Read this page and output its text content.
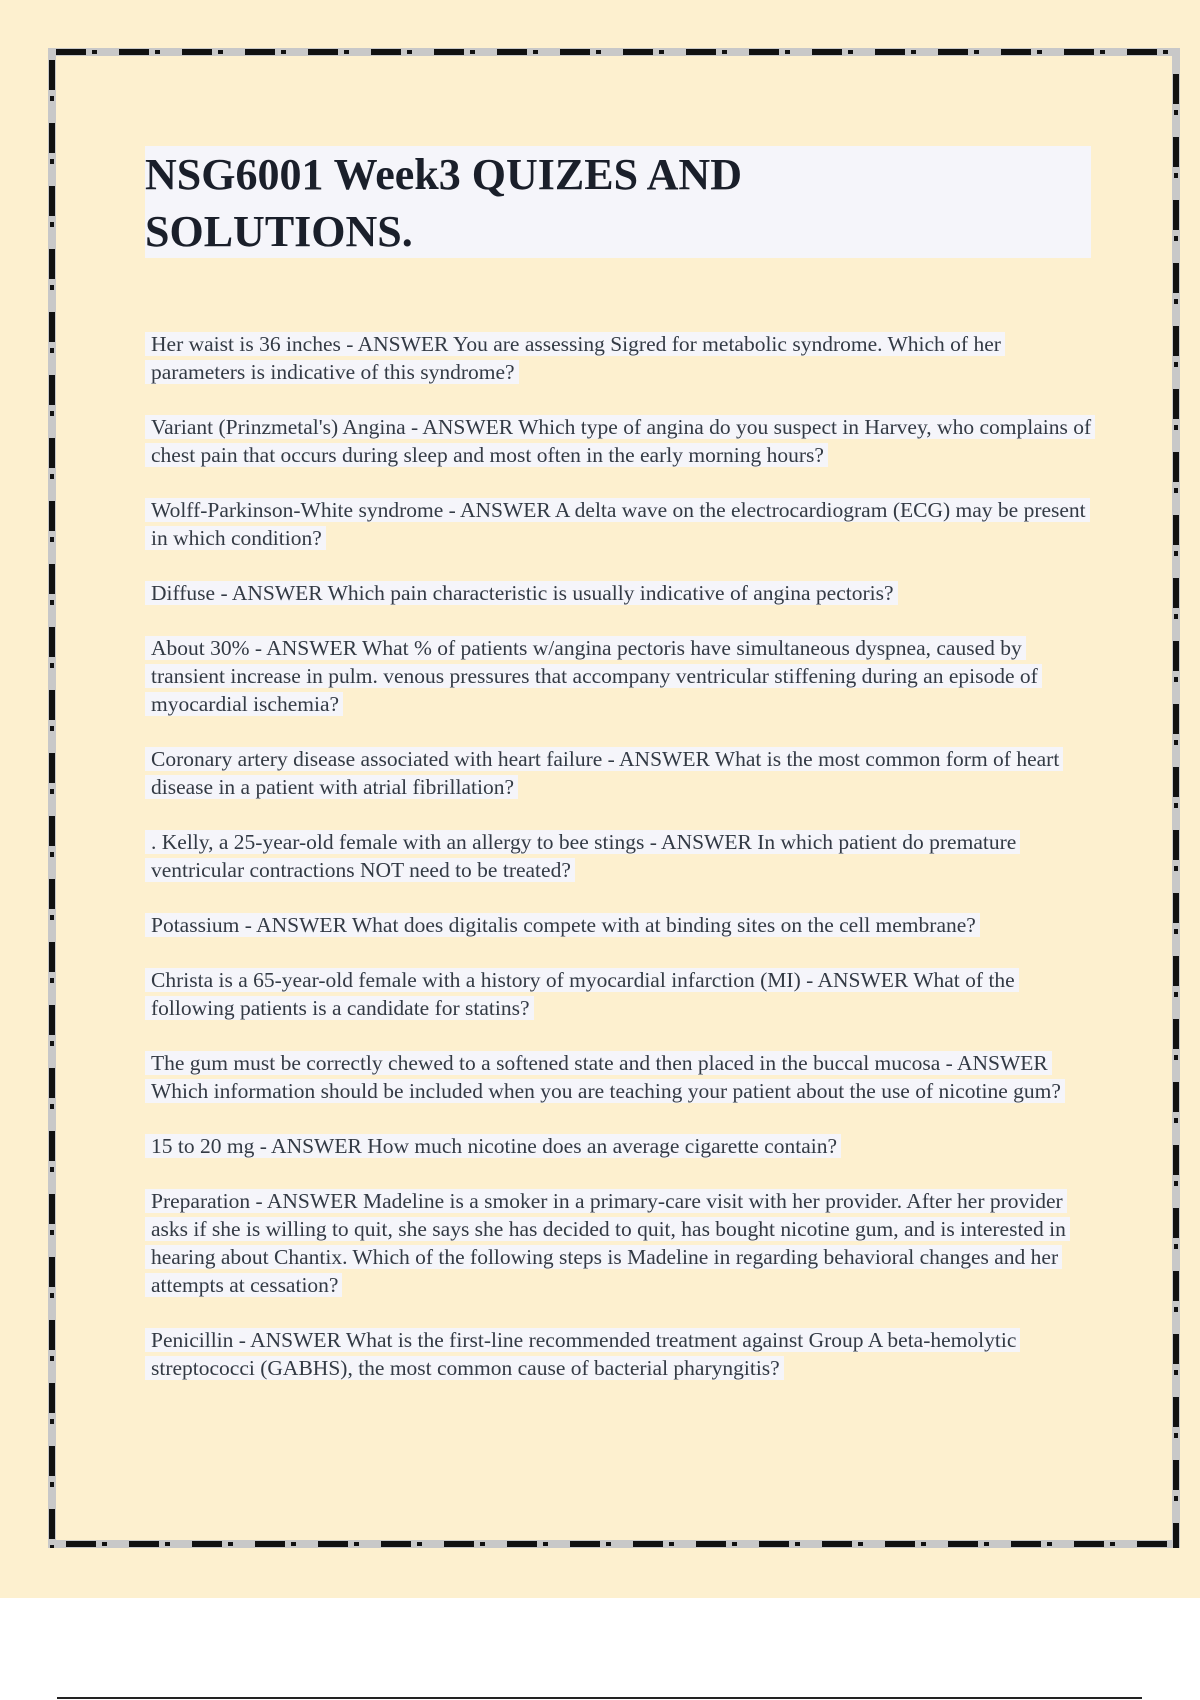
NSG6001 Week3 QUIZES AND SOLUTIONS.

Her waist is 36 inches - ANSWER You are assessing Sigred for metabolic syndrome. Which of her parameters is indicative of this syndrome?

Variant (Prinzmetal's) Angina - ANSWER Which type of angina do you suspect in Harvey, who complains of chest pain that occurs during sleep and most often in the early morning hours?

Wolff-Parkinson-White syndrome - ANSWER A delta wave on the electrocardiogram (ECG) may be present in which condition?

Diffuse - ANSWER Which pain characteristic is usually indicative of angina pectoris?

About 30% - ANSWER What % of patients w/angina pectoris have simultaneous dyspnea, caused by transient increase in pulm. venous pressures that accompany ventricular stiffening during an episode of myocardial ischemia?

Coronary artery disease associated with heart failure - ANSWER What is the most common form of heart disease in a patient with atrial fibrillation?

. Kelly, a 25-year-old female with an allergy to bee stings - ANSWER In which patient do premature ventricular contractions NOT need to be treated?

Potassium - ANSWER What does digitalis compete with at binding sites on the cell membrane?

Christa is a 65-year-old female with a history of myocardial infarction (MI) - ANSWER What of the following patients is a candidate for statins?

The gum must be correctly chewed to a softened state and then placed in the buccal mucosa - ANSWER Which information should be included when you are teaching your patient about the use of nicotine gum?

15 to 20 mg - ANSWER How much nicotine does an average cigarette contain?

Preparation - ANSWER Madeline is a smoker in a primary-care visit with her provider. After her provider asks if she is willing to quit, she says she has decided to quit, has bought nicotine gum, and is interested in hearing about Chantix. Which of the following steps is Madeline in regarding behavioral changes and her attempts at cessation?

Penicillin - ANSWER What is the first-line recommended treatment against Group A beta-hemolytic streptococci (GABHS), the most common cause of bacterial pharyngitis?
